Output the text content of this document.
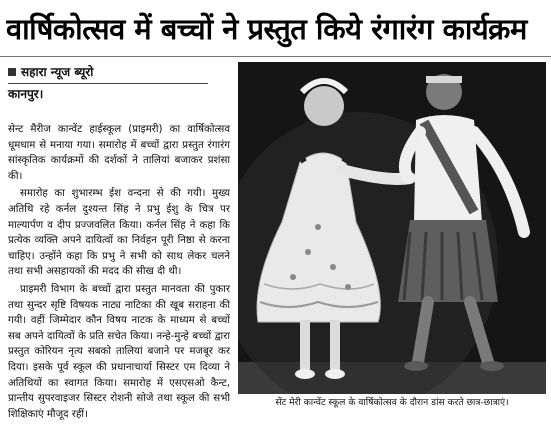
वार्षिकोत्सव में बच्चों ने प्रस्तुत किये रंगारंग कार्यक्रम
सहारा न्यूज ब्यूरो
कानपुर।

सेन्ट मैरीज कान्वेंट हाईस्कूल (प्राइमरी) का वार्षिकोत्सव धूमधाम से मनाया गया। समारोह में बच्चों द्वारा प्रस्तुत रंगारंग सांस्कृतिक कार्यक्रमों की दर्शकों ने तालियां बजाकर प्रशंसा की।

समारोह का शुभारम्भ ईश वन्दना से की गयी। मुख्य अतिथि रहे कर्नल दुश्यन्त सिंह ने प्रभु ईशु के चित्र पर माल्यार्पण व दीप प्रज्जवलित किया। कर्नल सिंह ने कहा कि प्रत्येक व्यक्ति अपने दायित्वों का निर्वहन पूरी निष्ठा से करना चाहिए। उन्होंने कहा कि प्रभु ने सभी को साथ लेकर चलने तथा सभी असहायकों की मदद की सीख दी थी।

प्राइमरी विभाग के बच्चों द्वारा प्रस्तुत मानवता की पुकार तथा सुन्दर सृष्टि विषयक नाट्य नाटिका की खूब सराहना की गयी। वहीं जिम्मेदार कौन विषय नाटक के माध्यम से बच्चों सब अपने दायित्वों के प्रति सचेत किया। नन्हे-मुन्हे बच्चों द्वारा प्रस्तुत कोरियन नृत्य सबको तालियां बजाने पर मजबूर कर दिया। इसके पूर्व स्कूल की प्रधानाचार्या सिस्टर एम दिव्या ने अतिथियों का स्वागत किया। समारोह में एसएसओ कैन्ट, प्रान्तीय सुपरवाइजर सिस्टर रोशनी सोजे तथा स्कूल की सभी शिक्षिकाएं मौजूद रहीं।

सेंट मेरी कान्वेंट स्कूल के वार्षिकोत्सव के दौरान डांस करते छात्र-छात्राएं।
